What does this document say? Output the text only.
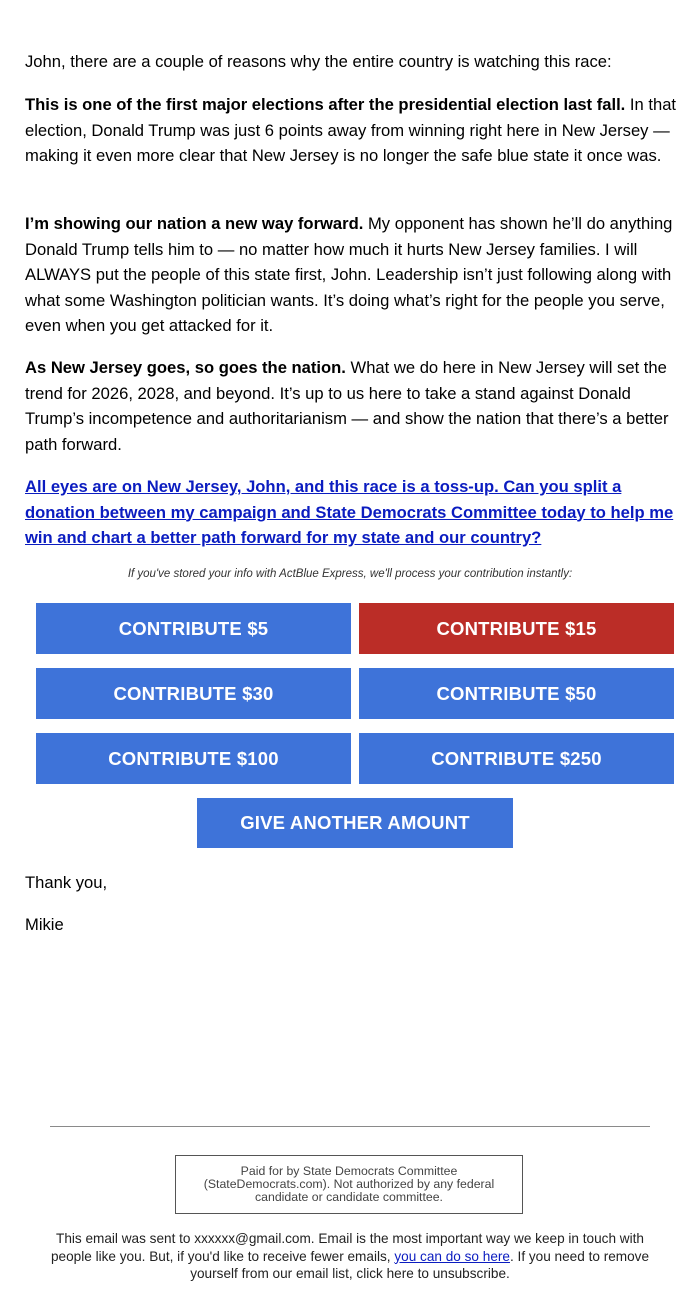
John, there are a couple of reasons why the entire country is watching this race:

This is one of the first major elections after the presidential election last fall. In that election, Donald Trump was just 6 points away from winning right here in New Jersey — making it even more clear that New Jersey is no longer the safe blue state it once was.

I’m showing our nation a new way forward. My opponent has shown he’ll do anything Donald Trump tells him to — no matter how much it hurts New Jersey families. I will ALWAYS put the people of this state first, John. Leadership isn’t just following along with what some Washington politician wants. It’s doing what’s right for the people you serve, even when you get attacked for it.

As New Jersey goes, so goes the nation. What we do here in New Jersey will set the trend for 2026, 2028, and beyond. It’s up to us here to take a stand against Donald Trump’s incompetence and authoritarianism — and show the nation that there’s a better path forward.

All eyes are on New Jersey, John, and this race is a toss-up. Can you split a donation between my campaign and State Democrats Committee today to help me win and chart a better path forward for my state and our country?
If you've stored your info with ActBlue Express, we'll process your contribution instantly:
CONTRIBUTE $5	CONTRIBUTE $15
CONTRIBUTE $30	CONTRIBUTE $50
CONTRIBUTE $100	CONTRIBUTE $250
GIVE ANOTHER AMOUNT
Thank you,
Mikie
Paid for by State Democrats Committee (StateDemocrats.com). Not authorized by any federal candidate or candidate committee.
This email was sent to xxxxxx@gmail.com. Email is the most important way we keep in touch with people like you. But, if you'd like to receive fewer emails, you can do so here. If you need to remove yourself from our email list, click here to unsubscribe.
